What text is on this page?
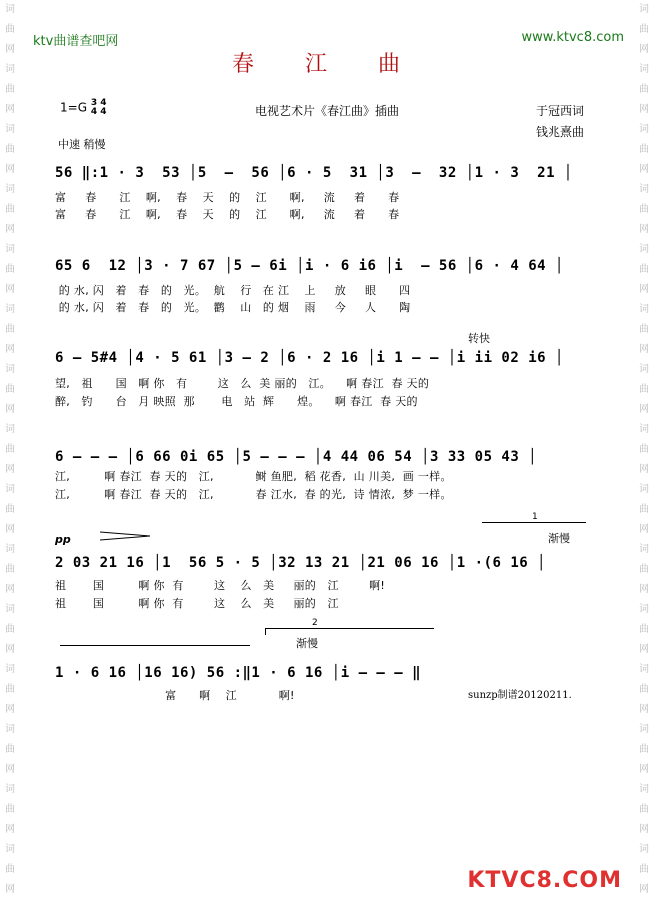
词
曲
网
词
曲
网
词
曲
网
词
曲
网
词
曲
网
词
曲
网
词
曲
网
词
曲
网
词
曲
网
词
曲
网
词
曲
网
词
曲
网
词
曲
网
词
曲
网
词
曲
网
词
曲
网
词
曲
网
词
曲
网
词
曲
网
词
曲
网
词
曲
网
词
曲
网
词
曲
网
词
曲
网
词
曲
网
词
曲
网
词
曲
网
词
曲
网
词
曲
网
词
曲
网
ktv曲谱查吧网	www.ktvc8.com
春 江 曲
1=G 3 4
4 4	电视艺术片《春江曲》插曲	于冠西词
钱兆熹曲
中速 稍慢
转快
pp
1
渐慢
2
渐慢
56 ‖:1 · 3  53 │5  –  56 │6 · 5  31 │3  –  32 │1 · 3  21 │
富     春      江    啊,    春    天    的    江      啊,     流     着      春
富     春      江    啊,    春    天    的    江      啊,     流     着      春
65 6  12 │3 · 7 67 │5 – 6i │i · 6 i6 │i  – 56 │6 · 4 64 │
的 水, 闪   着   春   的   光。  航    行   在 江    上     放     眼      四
的 水, 闪   着   春   的   光。  鹳    山   的 烟    雨     今     人      陶
6 – 5#4 │4 · 5 61 │3 – 2 │6 · 2 16 │i 1 – – │i ii 02 i6 │
望,   祖      国   啊 你   有        这   么  美 丽的   江。    啊 春江  春 天的
醉,   钓      台   月 映照  那       电   站  辉      煌。    啊 春江  春 天的
6 – – – │6 66 0i 65 │5 – – – │4 44 06 54 │3 33 05 43 │
江,         啊 春江  春 天的   江,           鲥 鱼肥,  稻 花香,  山 川美,  画 一样。
江,         啊 春江  春 天的   江,           春 江水,  春 的光,  诗 情浓,  梦 一样。
2 03 21 16 │1  56 5 · 5 │32 13 21 │21 06 16 │1 ·(6 16 │
祖       国         啊 你  有        这    么   美     丽的   江        啊!
祖       国         啊 你  有        这    么   美     丽的   江
1 · 6 16 │16 16) 56 :‖1 · 6 16 │i – – – ‖
富      啊    江           啊!	sunzp制谱20120211.
KTVC8.COM
